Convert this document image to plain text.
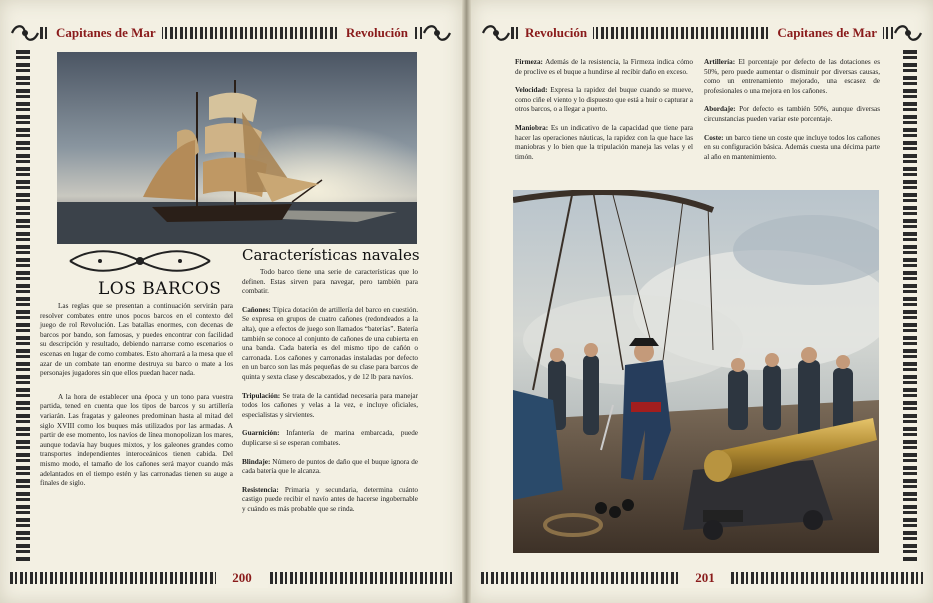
Capitanes de Mar	Revolución
LOS BARCOS

Las reglas que se presentan a continuación servirán para resolver combates entre unos pocos barcos en el contexto del juego de rol Revolución. Las batallas enormes, con decenas de barcos por bando, son famosas, y puedes encontrar con facilidad su descripción y resultado, debiendo narrarse como escenarios o escenas en lugar de como combates. Esto ahorrará a la mesa que el azar de un combate tan enorme destruya su barco o mate a los personajes jugadores sin que ellos puedan hacer nada.

A la hora de establecer una época y un tono para vuestra partida, tened en cuenta que los tipos de barcos y su artillería variarán. Las fragatas y galeones predominan hasta al mitad del siglo XVIII como los buques más utilizados por las armadas. A partir de ese momento, los navíos de línea monopolizan los mares, aunque todavía hay buques mixtos, y los galeones grandes como transportes independientes interoceánicos tienen cabida. Del mismo modo, el tamaño de los cañones será mayor cuando más adelantados en el tiempo estén y las carronadas tienen su auge a finales de siglo.

Características navales

Todo barco tiene una serie de características que lo definen. Estas sirven para navegar, pero también para combatir.

Cañones: Típica dotación de artillería del barco en cuestión. Se expresa en grupos de cuatro cañones (redondeados a la alta), que a efectos de juego son llamados “baterías”. Batería también se conoce al conjunto de cañones de una cubierta en una banda. Cada batería es del mismo tipo de cañón o carronada. Los cañones y carronadas instaladas por defecto en un barco son las más pequeñas de su clase para barcos de quinta y sexta clase y descabezados, y de 12 lb para navíos.

Tripulación: Se trata de la cantidad necesaria para manejar todos los cañones y velas a la vez, e incluye oficiales, especialistas y sirvientes.

Guarnición: Infantería de marina embarcada, puede duplicarse si se esperan combates.

Blindaje: Número de puntos de daño que el buque ignora de cada batería que le alcanza.

Resistencia: Primaria y secundaria, determina cuánto castigo puede recibir el navío antes de hacerse ingobernable y cuándo es más probable que se rinda.

200
Revolución	Capitanes de Mar

Firmeza: Además de la resistencia, la Firmeza indica cómo de proclive es el buque a hundirse al recibir daño en exceso.

Velocidad: Expresa la rapidez del buque cuando se mueve, como ciñe el viento y lo dispuesto que está a huir o capturar a otros barcos, o a llegar a puerto.

Maniobra: Es un indicativo de la capacidad que tiene para hacer las operaciones náuticas, la rapidez con la que hace las maniobras y lo bien que la tripulación maneja las velas y el timón.

Artillería: El porcentaje por defecto de las dotaciones es 50%, pero puede aumentar o disminuir por diversas causas, como un entrenamiento mejorado, una escasez de profesionales o una mejora en los cañones.

Abordaje: Por defecto es también 50%, aunque diversas circunstancias pueden variar este porcentaje.

Coste: un barco tiene un coste que incluye todos los cañones en su configuración básica. Además cuesta una décima parte al año en mantenimiento.

201
